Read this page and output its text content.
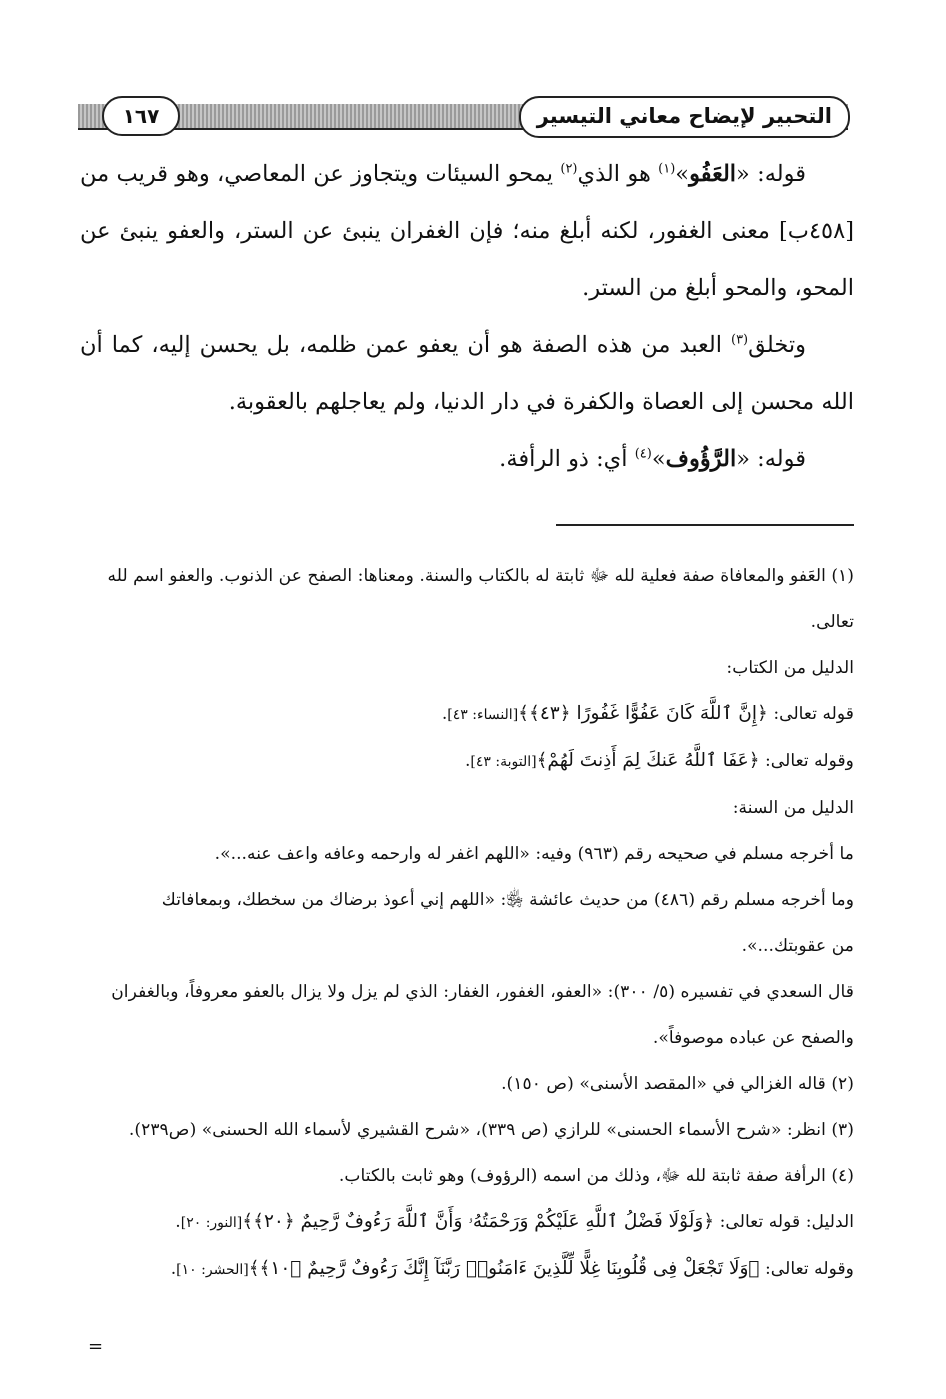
التحبير لإيضاح معاني التيسير
١٦٧

قوله: «العَفُو»$^{(١)}$ هو الذي$^{(٢)}$ يمحو السيئات ويتجاوز عن المعاصي، وهو قريب من [٤٥٨ب] معنى الغفور، لكنه أبلغ منه؛ فإن الغفران ينبئ عن الستر، والعفو ينبئ عن المحو، والمحو أبلغ من الستر.

وتخلق$^{(٣)}$ العبد من هذه الصفة هو أن يعفو عمن ظلمه، بل يحسن إليه، كما أن الله محسن إلى العصاة والكفرة في دار الدنيا، ولم يعاجلهم بالعقوبة.

قوله: «الرَّؤُوف»$^{(٤)}$ أي: ذو الرأفة.

(١) العَفو والمعافاة صفة فعلية لله ﷻ ثابتة له بالكتاب والسنة. ومعناها: الصفح عن الذنوب. والعفو اسم لله

تعالى.

الدليل من الكتاب:

قوله تعالى: ﴿إِنَّ ٱللَّهَ كَانَ عَفُوًّا غَفُورًا ﴿٤٣﴾﴾[النساء: ٤٣].

وقوله تعالى: ﴿عَفَا ٱللَّهُ عَنكَ لِمَ أَذِنتَ لَهُمْ﴾[التوبة: ٤٣].

الدليل من السنة:

ما أخرجه مسلم في صحيحه رقم (٩٦٣) وفيه: «اللهم اغفر له وارحمه وعافه واعف عنه...».

وما أخرجه مسلم رقم (٤٨٦) من حديث عائشة ﵂: «اللهم إني أعوذ برضاك من سخطك، وبمعافاتك

من عقوبتك...».

قال السعدي في تفسيره (٥/ ٣٠٠): «العفو، الغفور، الغفار: الذي لم يزل ولا يزال بالعفو معروفاً، وبالغفران

والصفح عن عباده موصوفاً».

(٢) قاله الغزالي في «المقصد الأسنى» (ص ١٥٠).

(٣) انظر: «شرح الأسماء الحسنى» للرازي (ص ٣٣٩)، «شرح القشيري لأسماء الله الحسنى» (ص٢٣٩).

(٤) الرأفة صفة ثابتة لله ﷻ، وذلك من اسمه (الرؤوف) وهو ثابت بالكتاب.

الدليل: قوله تعالى: ﴿وَلَوْلَا فَضْلُ ٱللَّهِ عَلَيْكُمْ وَرَحْمَتُهُۥ وَأَنَّ ٱللَّهَ رَءُوفٌ رَّحِيمٌ ﴿٢٠﴾﴾[النور: ٢٠].

وقوله تعالى: ﴿وَلَا تَجْعَلْ فِى قُلُوبِنَا غِلًّا لِّلَّذِينَ ءَامَنُوا۟ رَبَّنَآ إِنَّكَ رَءُوفٌ رَّحِيمٌ ﴿١٠﴾﴾[الحشر: ١٠].

=
